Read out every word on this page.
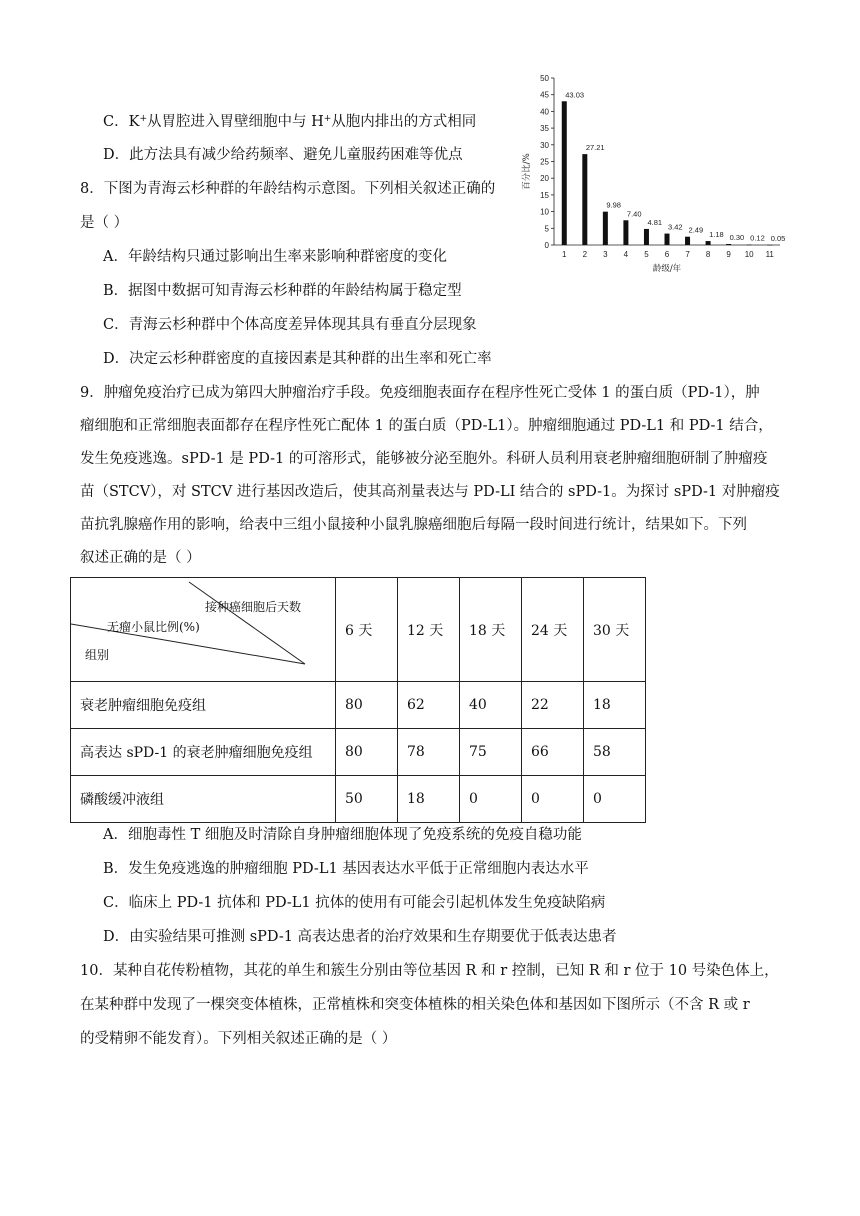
C．K+从胃腔进入胃壁细胞中与 H+从胞内排出的方式相同
D．此方法具有减少给药频率、避免儿童服药困难等优点
8．下图为青海云杉种群的年龄结构示意图。下列相关叙述正确的
是（ ）
A．年龄结构只通过影响出生率来影响种群密度的变化
B．据图中数据可知青海云杉种群的年龄结构属于稳定型
C．青海云杉种群中个体高度差异体现其具有垂直分层现象
D．决定云杉种群密度的直接因素是其种群的出生率和死亡率
0
5
10
15
20
25
30
35
40
45
50
43.03
1
27.21
2
9.98
3
7.40
4
4.81
5
3.42
6
2.49
7
1.18
8
0.30
9
0.12
10
0.05
11
龄级/年
百分比/%
9．肿瘤免疫治疗已成为第四大肿瘤治疗手段。免疫细胞表面存在程序性死亡受体 1 的蛋白质（PD-1），肿
瘤细胞和正常细胞表面都存在程序性死亡配体 1 的蛋白质（PD-L1）。肿瘤细胞通过 PD-L1 和 PD-1 结合，
发生免疫逃逸。sPD-1 是 PD-1 的可溶形式，能够被分泌至胞外。科研人员利用衰老肿瘤细胞研制了肿瘤疫
苗（STCV），对 STCV 进行基因改造后，使其高剂量表达与 PD-LI 结合的 sPD-1。为探讨 sPD-1 对肿瘤疫
苗抗乳腺癌作用的影响，给表中三组小鼠接种小鼠乳腺癌细胞后每隔一段时间进行统计，结果如下。下列
叙述正确的是（ ）
接种癌细胞后天数
无瘤小鼠比例(%)
组别	6 天	12 天	18 天	24 天	30 天
衰老肿瘤细胞免疫组	80	62	40	22	18
高表达 sPD-1 的衰老肿瘤细胞免疫组	80	78	75	66	58
磷酸缓冲液组	50	18	0	0	0
A．细胞毒性 T 细胞及时清除自身肿瘤细胞体现了免疫系统的免疫自稳功能
B．发生免疫逃逸的肿瘤细胞 PD-L1 基因表达水平低于正常细胞内表达水平
C．临床上 PD-1 抗体和 PD-L1 抗体的使用有可能会引起机体发生免疫缺陷病
D．由实验结果可推测 sPD-1 高表达患者的治疗效果和生存期要优于低表达患者
10．某种自花传粉植物，其花的单生和簇生分别由等位基因 R 和 r 控制，已知 R 和 r 位于 10 号染色体上，
在某种群中发现了一棵突变体植株，正常植株和突变体植株的相关染色体和基因如下图所示（不含 R 或 r
的受精卵不能发育）。下列相关叙述正确的是（ ）
